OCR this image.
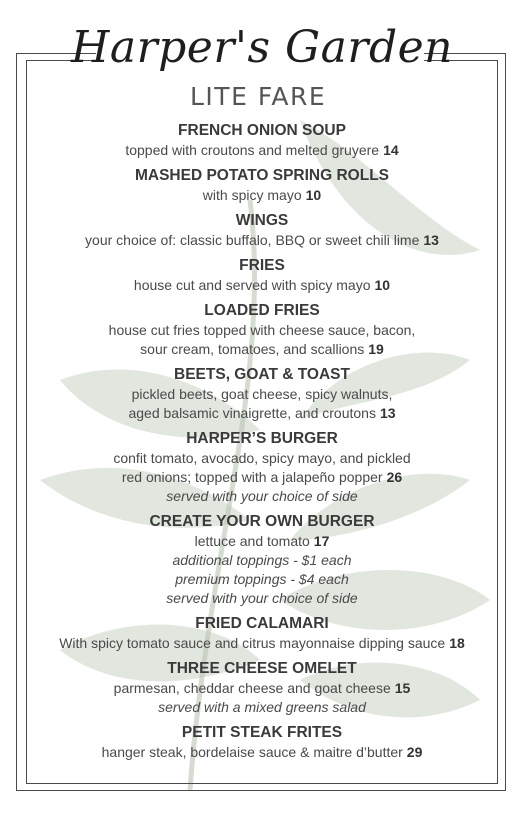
Harper's Garden
LITE FARE
FRENCH ONION SOUP
topped with croutons and melted gruyere 14
MASHED POTATO SPRING ROLLS
with spicy mayo 10
WINGS
your choice of: classic buffalo, BBQ or sweet chili lime 13
FRIES
house cut and served with spicy mayo 10
LOADED FRIES
house cut fries topped with cheese sauce, bacon,
sour cream, tomatoes, and scallions 19
BEETS, GOAT & TOAST
pickled beets, goat cheese, spicy walnuts,
aged balsamic vinaigrette, and croutons 13
HARPER’S BURGER
confit tomato, avocado, spicy mayo, and pickled
red onions; topped with a jalapeño popper 26
served with your choice of side
CREATE YOUR OWN BURGER
lettuce and tomato 17
additional toppings - $1 each
premium toppings - $4 each
served with your choice of side
FRIED CALAMARI
With spicy tomato sauce and citrus mayonnaise dipping sauce 18
THREE CHEESE OMELET
parmesan, cheddar cheese and goat cheese 15
served with a mixed greens salad
PETIT STEAK FRITES
hanger steak, bordelaise sauce & maitre d’butter 29
